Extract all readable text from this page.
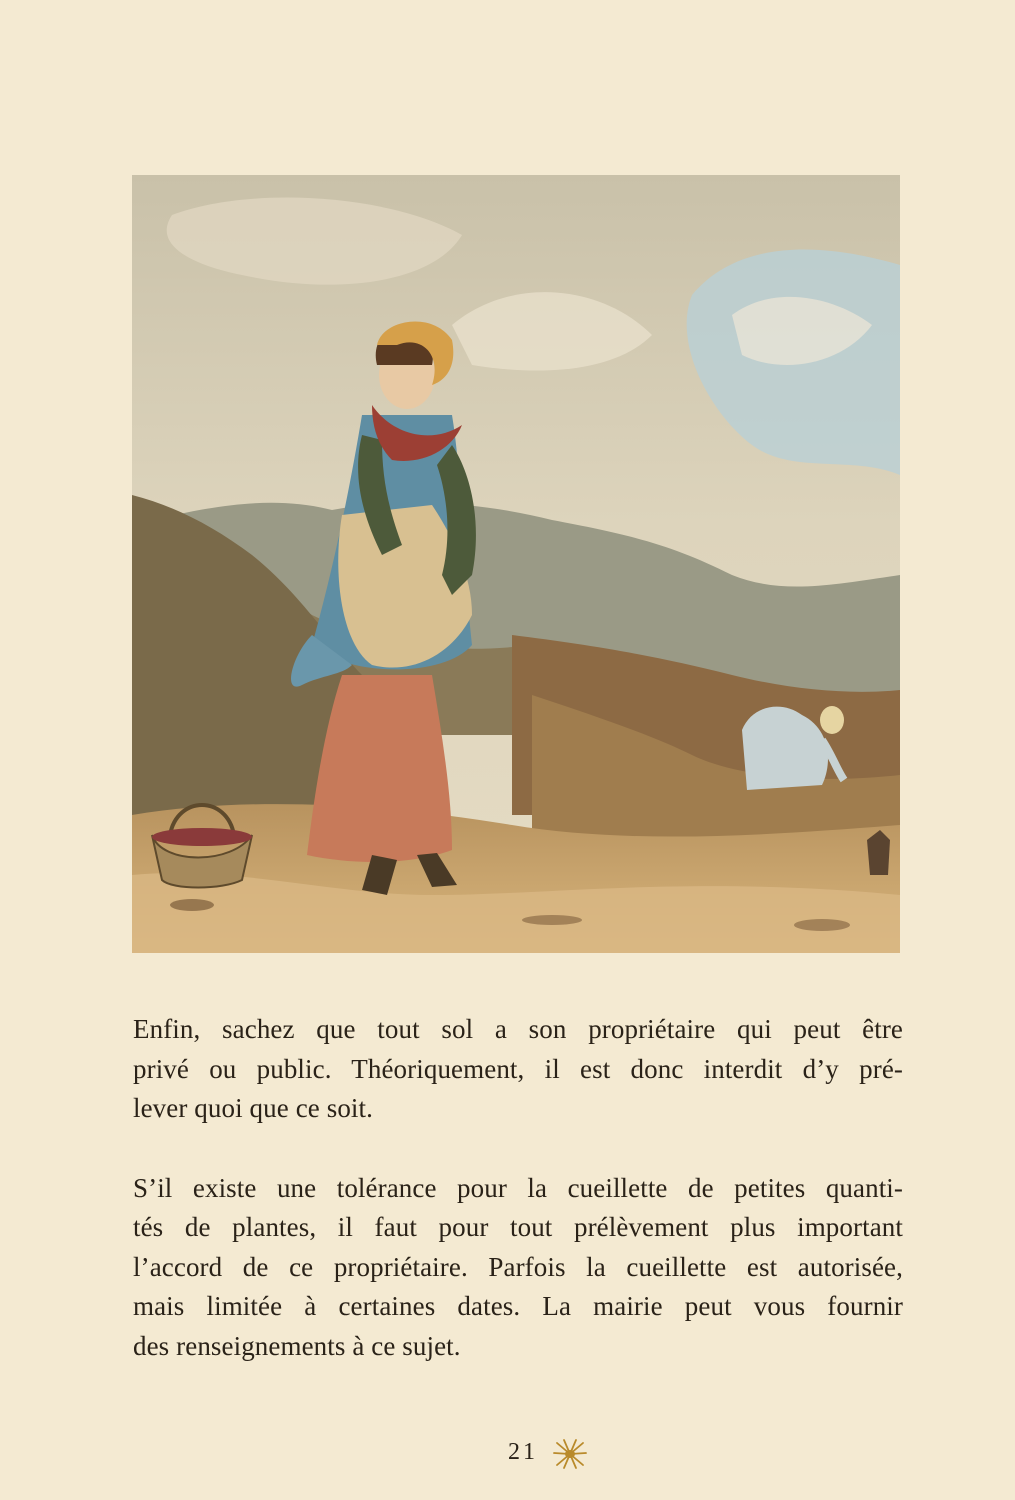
Enfin, sachez que tout sol a son propriétaire qui peut être
privé ou public. Théoriquement, il est donc interdit d’y pré-
lever quoi que ce soit.

S’il existe une tolérance pour la cueillette de petites quanti-
tés de plantes, il faut pour tout prélèvement plus important
l’accord de ce propriétaire. Parfois la cueillette est autorisée,
mais limitée à certaines dates. La mairie peut vous fournir
des renseignements à ce sujet.

21
